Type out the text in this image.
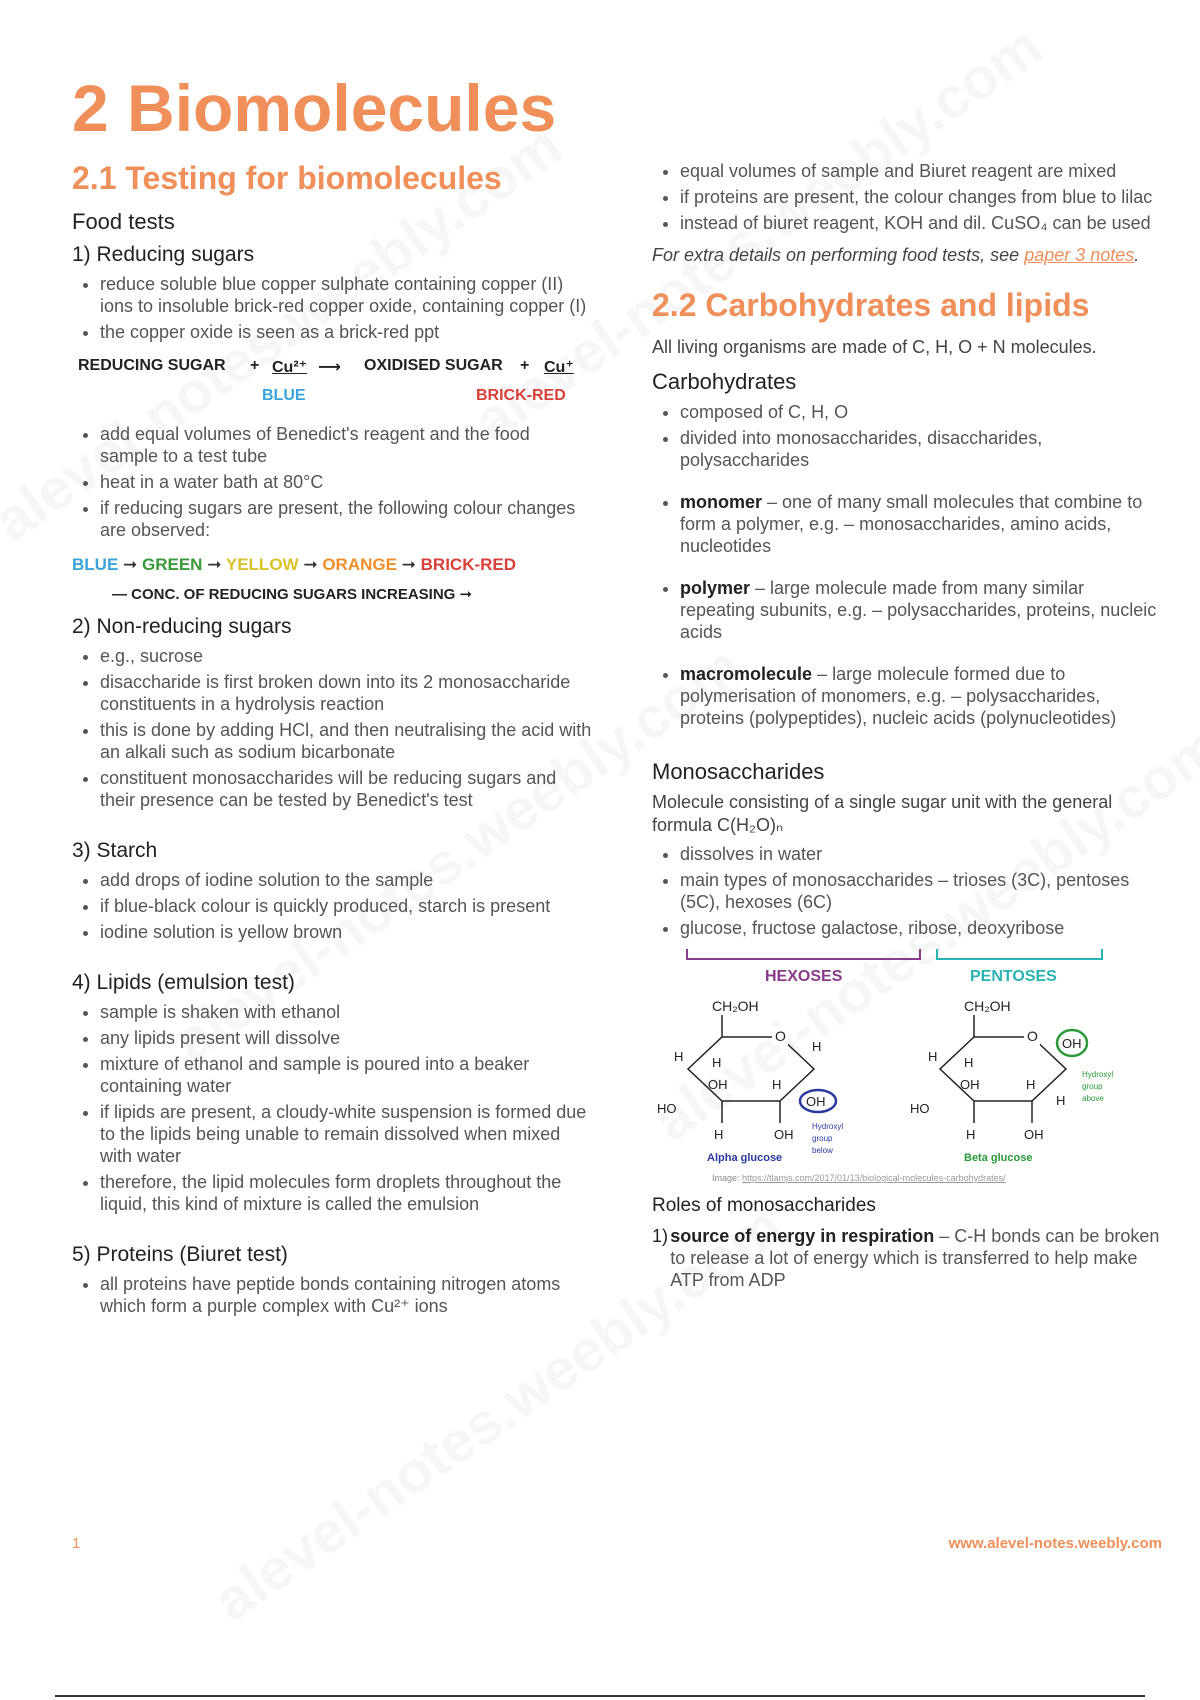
2 Biomolecules
2.1 Testing for biomolecules
Food tests
1) Reducing sugars
• reduce soluble blue copper sulphate containing copper (II) ions to insoluble brick-red copper oxide, containing copper (I)
• the copper oxide is seen as a brick-red ppt
REDUCING SUGAR + Cu²⁺ ⟶ OXIDISED SUGAR + Cu⁺
BLUE	BRICK-RED
• add equal volumes of Benedict's reagent and the food sample to a test tube
• heat in a water bath at 80°C
• if reducing sugars are present, the following colour changes are observed:
BLUE ➞ GREEN ➞ YELLOW ➞ ORANGE ➞ BRICK-RED
— CONC. OF REDUCING SUGARS INCREASING ➞
2) Non-reducing sugars
• e.g., sucrose
• disaccharide is first broken down into its 2 monosaccharide constituents in a hydrolysis reaction
• this is done by adding HCl, and then neutralising the acid with an alkali such as sodium bicarbonate
• constituent monosaccharides will be reducing sugars and their presence can be tested by Benedict's test
3) Starch
• add drops of iodine solution to the sample
• if blue-black colour is quickly produced, starch is present
• iodine solution is yellow brown
4) Lipids (emulsion test)
• sample is shaken with ethanol
• any lipids present will dissolve
• mixture of ethanol and sample is poured into a beaker containing water
• if lipids are present, a cloudy-white suspension is formed due to the lipids being unable to remain dissolved when mixed with water
• therefore, the lipid molecules form droplets throughout the liquid, this kind of mixture is called the emulsion
5) Proteins (Biuret test)
• all proteins have peptide bonds containing nitrogen atoms which form a purple complex with Cu²⁺ ions
• equal volumes of sample and Biuret reagent are mixed
• if proteins are present, the colour changes from blue to lilac
• instead of biuret reagent, KOH and dil. CuSO₄ can be used

For extra details on performing food tests, see paper 3 notes.

2.2 Carbohydrates and lipids

All living organisms are made of C, H, O + N molecules.

Carbohydrates
• composed of C, H, O
• divided into monosaccharides, disaccharides, polysaccharides
• monomer – one of many small molecules that combine to form a polymer, e.g. – monosaccharides, amino acids, nucleotides
• polymer – large molecule made from many similar repeating subunits, e.g. – polysaccharides, proteins, nucleic acids
• macromolecule – large molecule formed due to polymerisation of monomers, e.g. – polysaccharides, proteins (polypeptides), nucleic acids (polynucleotides)
Monosaccharides

Molecule consisting of a single sugar unit with the general formula C(H₂O)ₙ

• dissolves in water
• main types of monosaccharides – trioses (3C), pentoses (5C), hexoses (6C)
• glucose, fructose galactose, ribose, deoxyribose
HEXOSES	PENTOSES
CH₂OH
O
H H
H
OH	H
HO
H	OH
OH
Hydroxyl
group
below
Alpha glucose
CH₂OH
O
H H
OH	H
H
HO
OH
Hydroxyl
group
above
H	OH
Beta glucose
Image: https://tlamjs.com/2017/01/13/biological-molecules-carbohydrates/
Roles of monosaccharides
1) source of energy in respiration – C-H bonds can be broken to release a lot of energy which is transferred to help make ATP from ADP
1	www.alevel-notes.weebly.com
